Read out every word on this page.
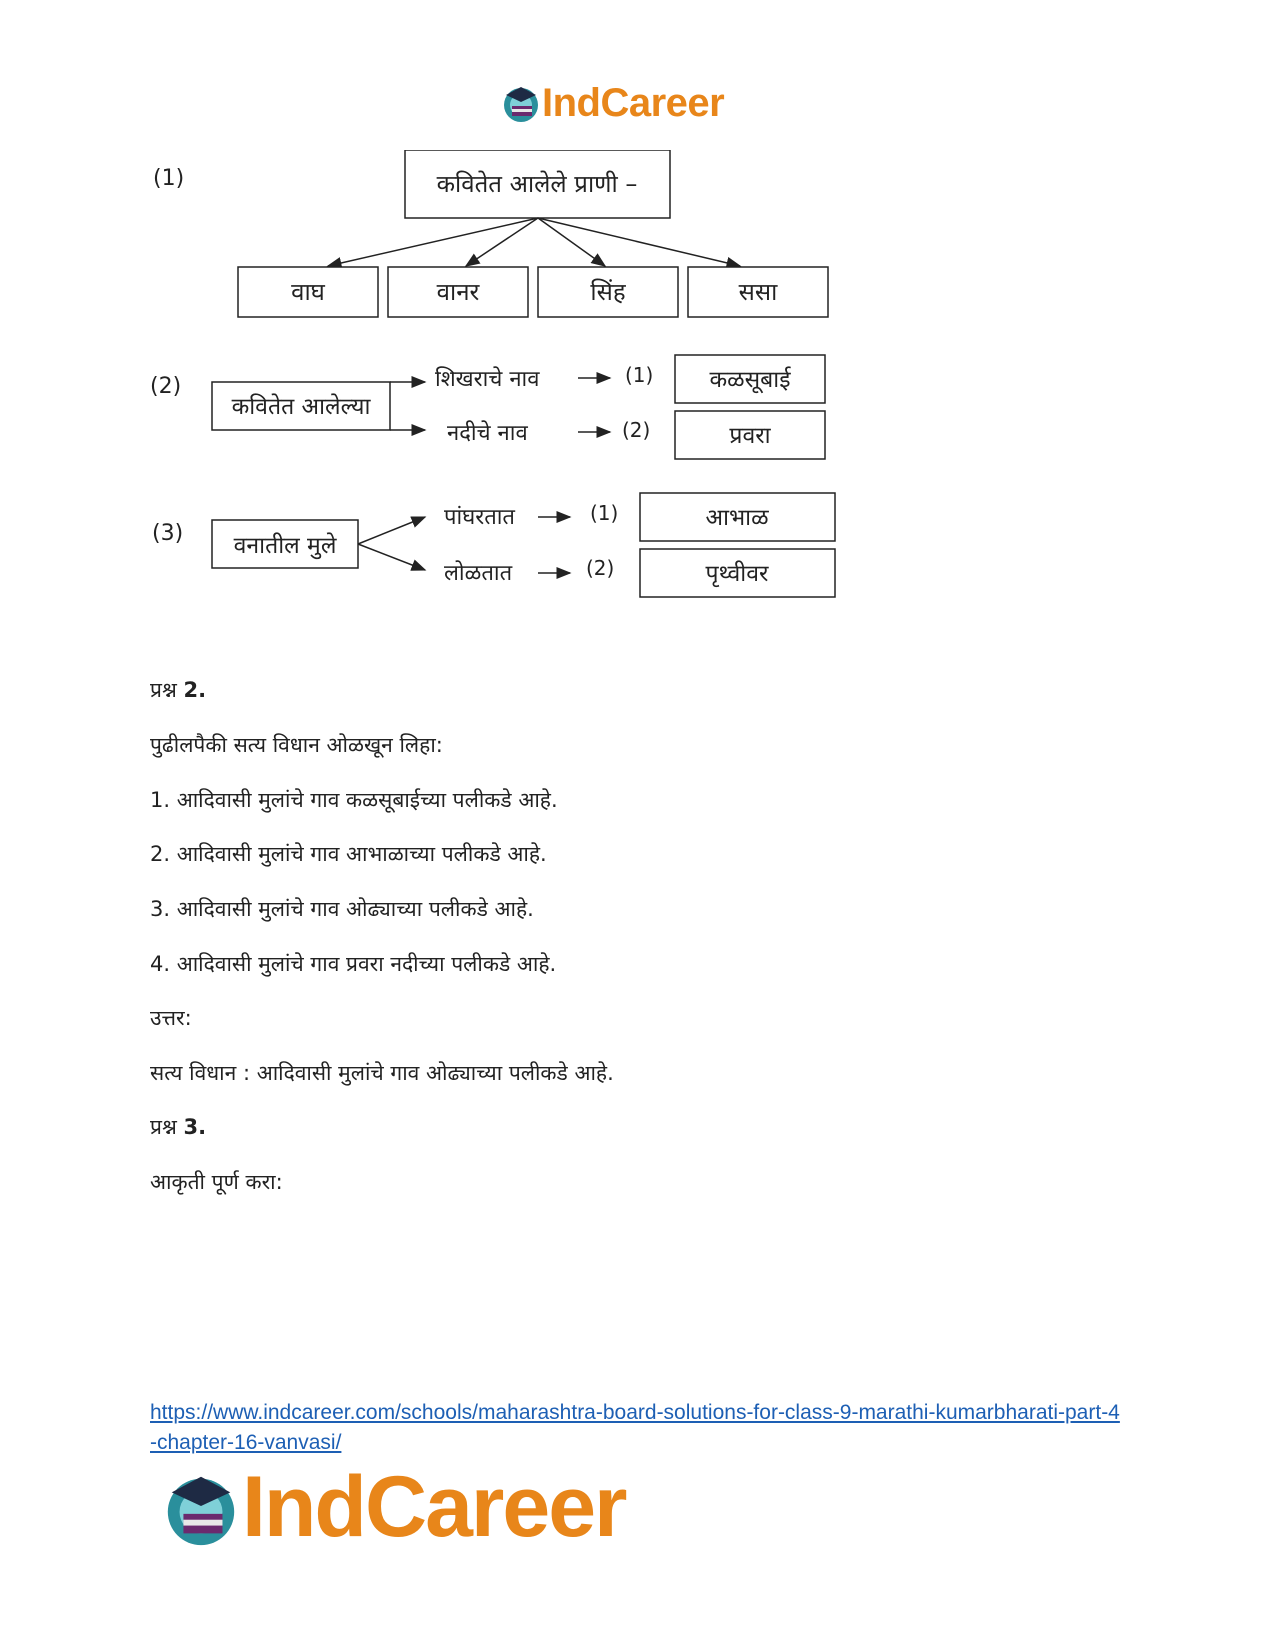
IndCareer
(1)	कवितेत आलेले प्राणी –
वाघ	वानर	सिंह	ससा
(2)
कवितेत आलेल्या
शिखराचे नाव	(1) कळसूबाई
नदीचे नाव	(2)	प्रवरा
(3) वनातील मुले
पांघरतात	(1)	आभाळ
लोळतात	(2)	पृथ्वीवर
प्रश्न 2.
पुढीलपैकी सत्य विधान ओळखून लिहा:
1. आदिवासी मुलांचे गाव कळसूबाईच्या पलीकडे आहे.
2. आदिवासी मुलांचे गाव आभाळाच्या पलीकडे आहे.
3. आदिवासी मुलांचे गाव ओढ्याच्या पलीकडे आहे.
4. आदिवासी मुलांचे गाव प्रवरा नदीच्या पलीकडे आहे.
उत्तर:
सत्य विधान : आदिवासी मुलांचे गाव ओढ्याच्या पलीकडे आहे.
प्रश्न 3.
आकृती पूर्ण करा:
https://www.indcareer.com/schools/maharashtra-board-solutions-for-class-9-marathi-kumarbharati-part-4-chapter-16-vanvasi/
IndCareer
